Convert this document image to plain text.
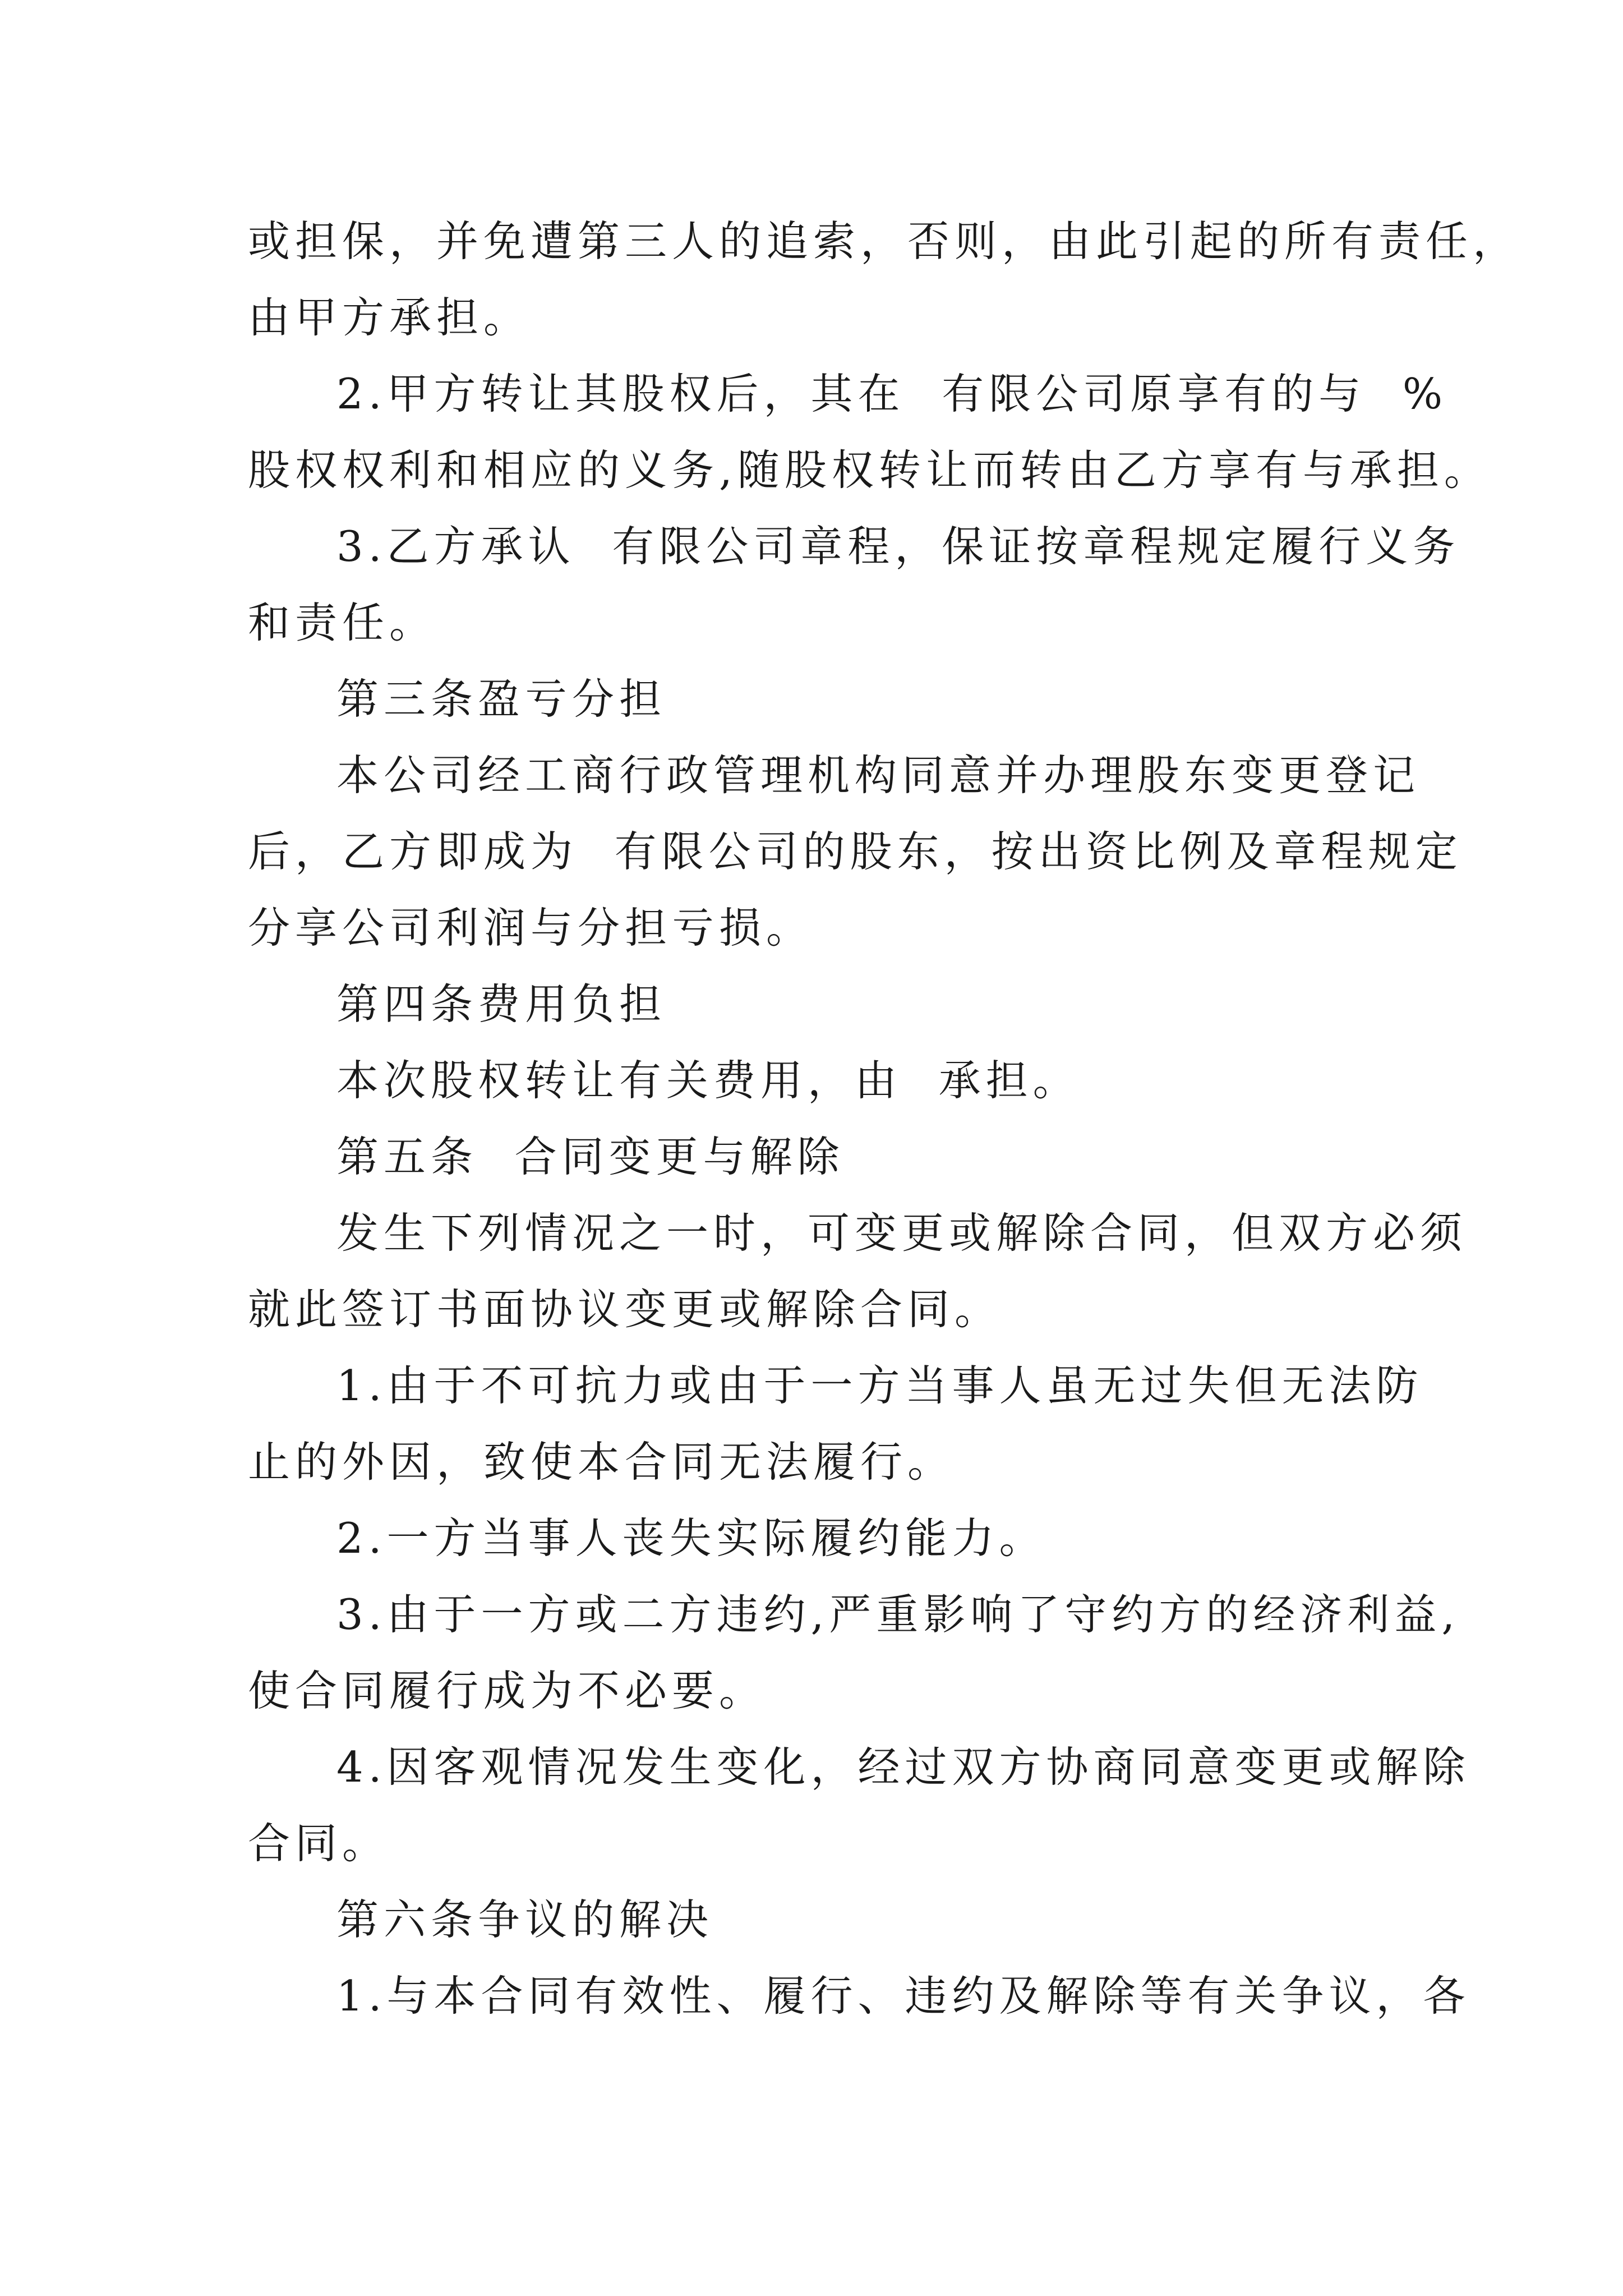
或担保，并免遭第三人的追索，否则，由此引起的所有责任，
由甲方承担。
2.甲方转让其股权后，其在  有限公司原享有的与  %
股权权利和相应的义务,随股权转让而转由乙方享有与承担。
3.乙方承认  有限公司章程，保证按章程规定履行义务
和责任。
第三条盈亏分担
本公司经工商行政管理机构同意并办理股东变更登记
后，乙方即成为  有限公司的股东，按出资比例及章程规定
分享公司利润与分担亏损。
第四条费用负担
本次股权转让有关费用，由  承担。
第五条  合同变更与解除
发生下列情况之一时，可变更或解除合同，但双方必须
就此签订书面协议变更或解除合同。
1.由于不可抗力或由于一方当事人虽无过失但无法防
止的外因，致使本合同无法履行。
2.一方当事人丧失实际履约能力。
3.由于一方或二方违约,严重影响了守约方的经济利益,
使合同履行成为不必要。
4.因客观情况发生变化，经过双方协商同意变更或解除
合同。
第六条争议的解决
1.与本合同有效性、履行、违约及解除等有关争议，各
